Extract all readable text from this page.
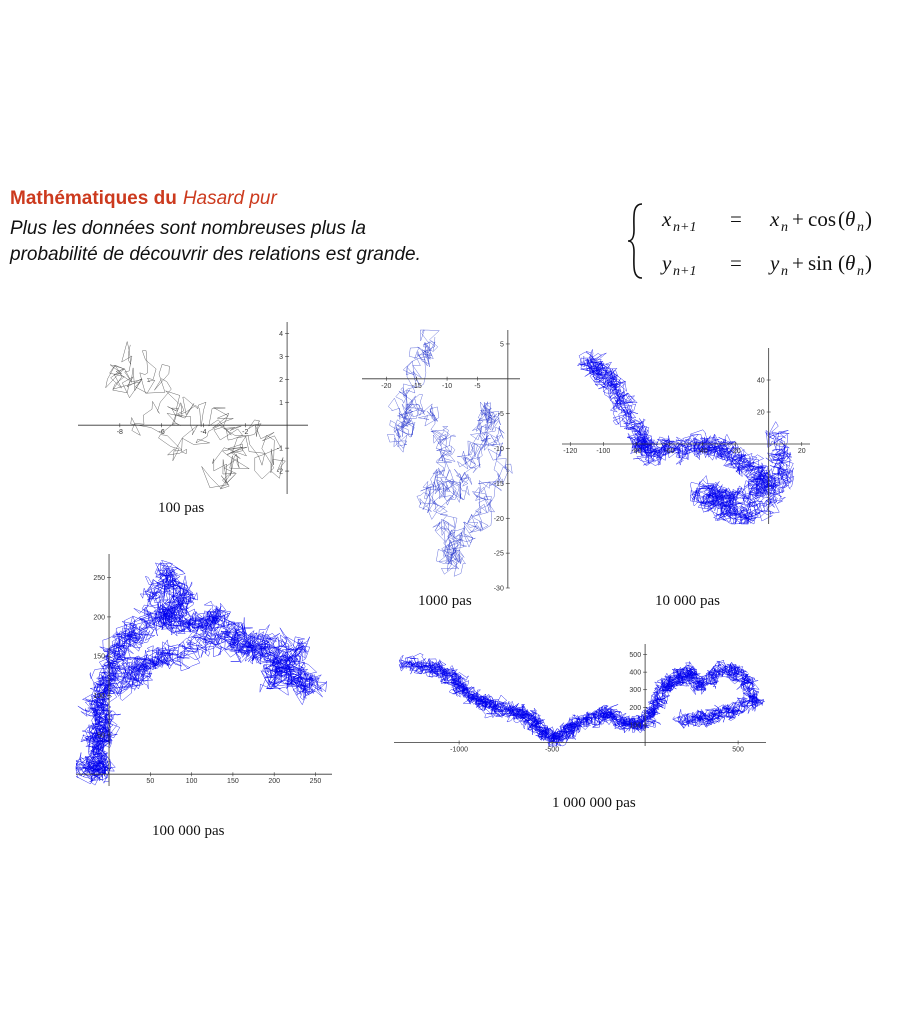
Mathématiques du Hasard pur
Plus les données sont nombreuses plus la
probabilité de découvrir des relations est grande.
x n+1 = x n + cos ( θ n )
y n+1 = y n + sin ( θ n )
-8	-6	-4	-2
4
3
2
1
-1
-2
100 pas
-20	-15	-10	-5
5
-5
-10
-15
-20
-25
-30
1000 pas
-120	-100	-80	-60	-40	-20	20
40
20
10 000 pas
50	100	150	200	250
250
200
150
100
50
100 000 pas
-1000	-500	500
500
400
300
200
100
1 000 000 pas
